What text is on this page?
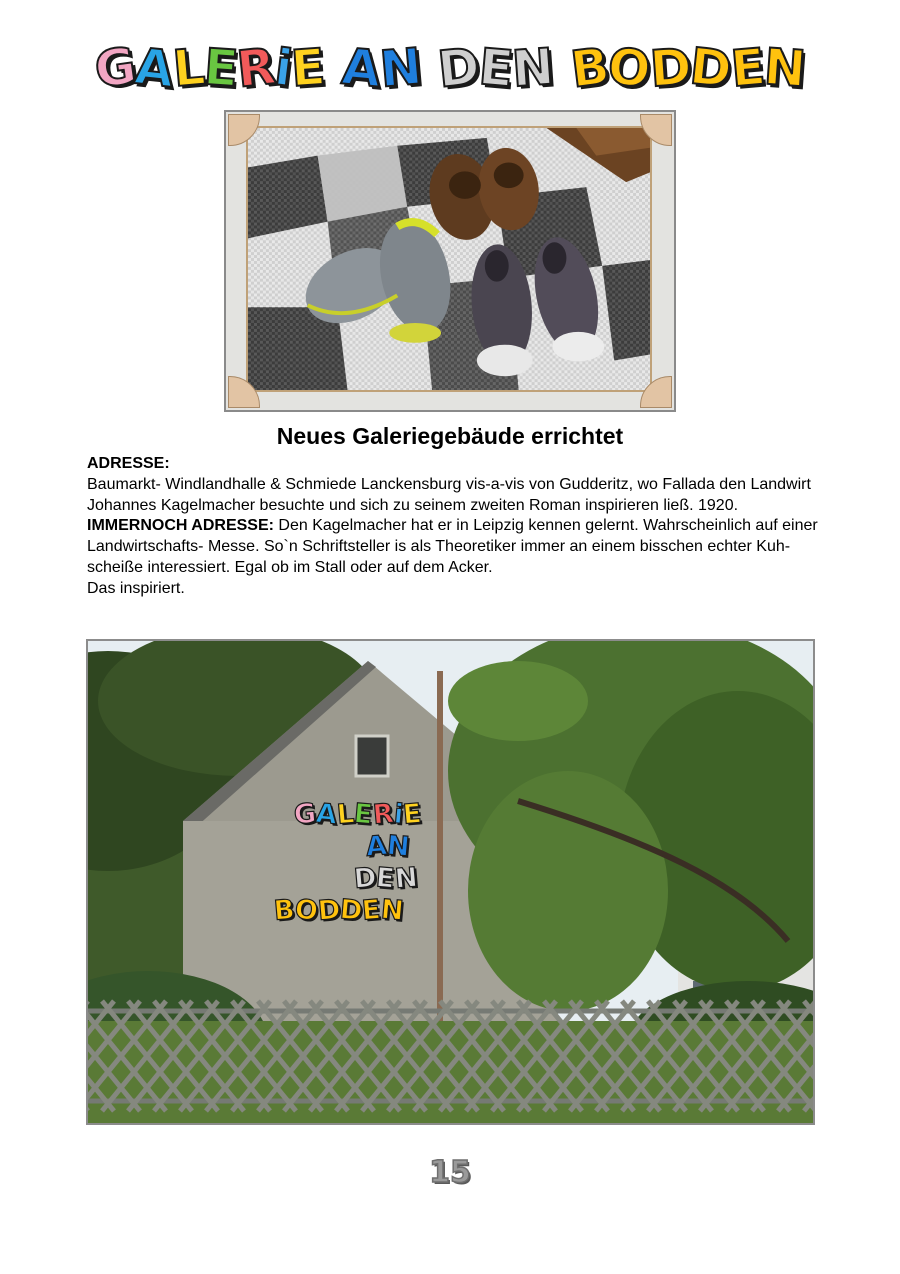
G
A
L
E
R
i
E A
N D
E
N B
O
D
D
E
N
Neues Galeriegebäude errichtet

ADRESSE:

Baumarkt- Windlandhalle & Schmiede Lanckensburg vis-a-vis von Gudderitz, wo Fallada den Landwirt Johannes Kagelmacher besuchte und sich zu seinem zweiten Roman inspirieren ließ. 1920. IMMERNOCH ADRESSE: Den Kagelmacher hat er in Leipzig kennen gelernt. Wahrscheinlich auf einer Landwirtschafts- Messe. So`n Schriftsteller is als Theoretiker immer an einem bisschen echter Kuh-scheiße interessiert. Egal ob im Stall oder auf dem Acker.

Das inspiriert.

G
A
L
E
R
i
E
A
N
D
E
N
B
O
D
D
E
N
15
